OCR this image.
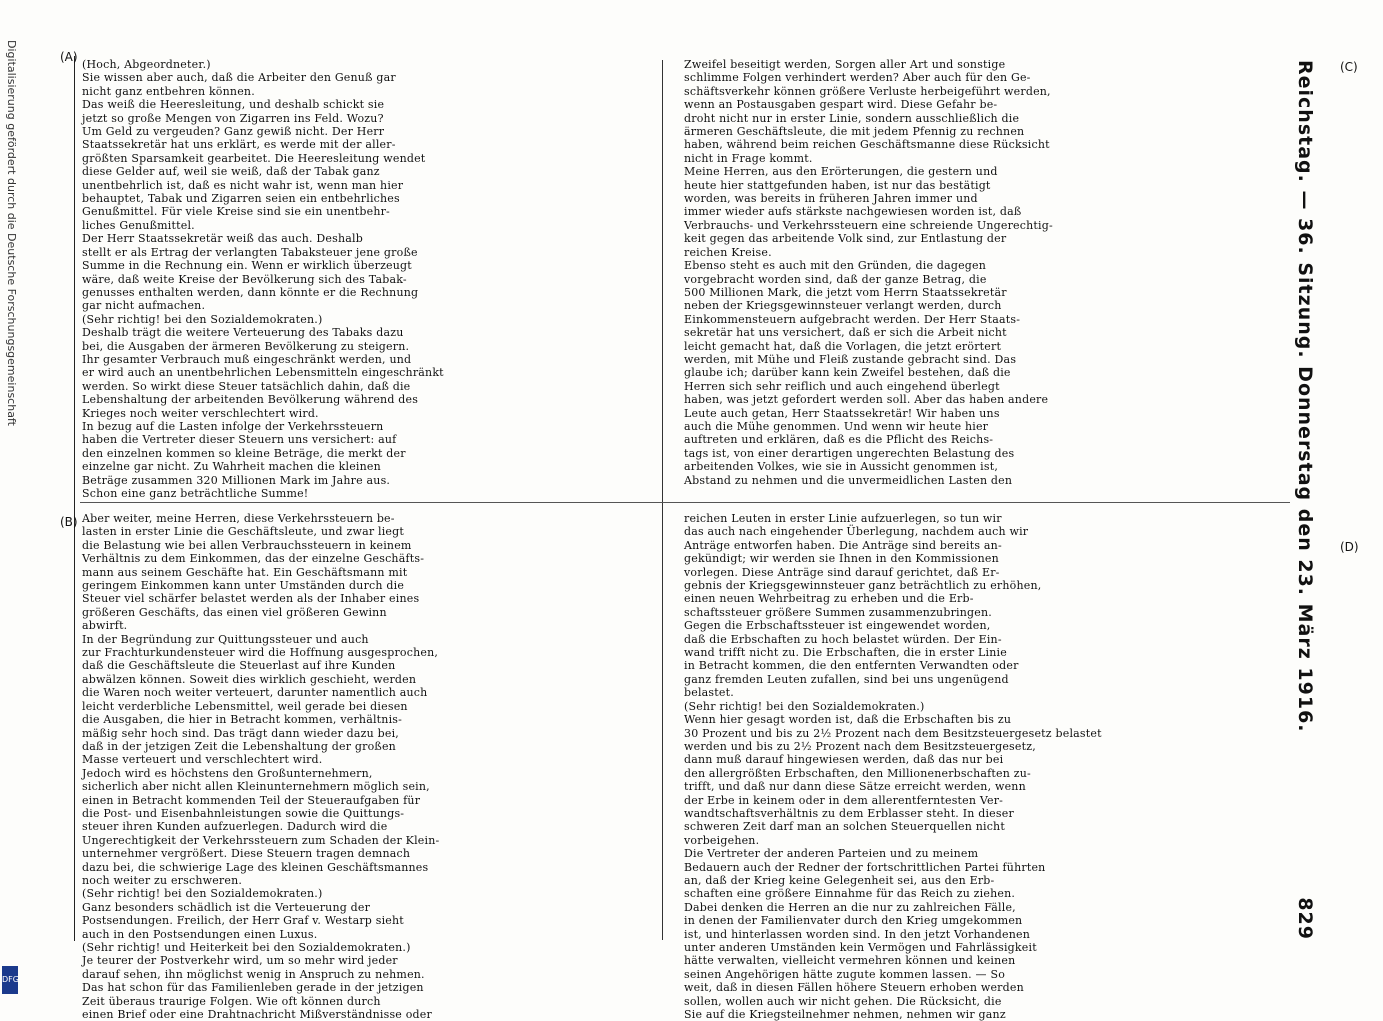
(Hoch, Abgeordneter.)
Sie wissen aber auch, daß die Arbeiter den Genuß gar
nicht ganz entbehren können.
Das weiß die Heeresleitung, und deshalb schickt sie
jetzt so große Mengen von Zigarren ins Feld. Wozu?
Um Geld zu vergeuden? Ganz gewiß nicht. Der Herr
Staatssekretär hat uns erklärt, es werde mit der aller-
größten Sparsamkeit gearbeitet. Die Heeresleitung wendet
diese Gelder auf, weil sie weiß, daß der Tabak ganz
unentbehrlich ist, daß es nicht wahr ist, wenn man hier
behauptet, Tabak und Zigarren seien ein entbehrliches
Genußmittel. Für viele Kreise sind sie ein unentbehr-
liches Genußmittel.
Der Herr Staatssekretär weiß das auch. Deshalb
stellt er als Ertrag der verlangten Tabaksteuer jene große
Summe in die Rechnung ein. Wenn er wirklich überzeugt
wäre, daß weite Kreise der Bevölkerung sich des Tabak-
genusses enthalten werden, dann könnte er die Rechnung
gar nicht aufmachen.
(Sehr richtig! bei den Sozialdemokraten.)
Deshalb trägt die weitere Verteuerung des Tabaks dazu
bei, die Ausgaben der ärmeren Bevölkerung zu steigern.
Ihr gesamter Verbrauch muß eingeschränkt werden, und
er wird auch an unentbehrlichen Lebensmitteln eingeschränkt
werden. So wirkt diese Steuer tatsächlich dahin, daß die
Lebenshaltung der arbeitenden Bevölkerung während des
Krieges noch weiter verschlechtert wird.
In bezug auf die Lasten infolge der Verkehrssteuern
haben die Vertreter dieser Steuern uns versichert: auf
den einzelnen kommen so kleine Beträge, die merkt der
einzelne gar nicht. Zu Wahrheit machen die kleinen
Beträge zusammen 320 Millionen Mark im Jahre aus.
Schon eine ganz beträchtliche Summe!
Aber weiter, meine Herren, diese Verkehrssteuern be-
lasten in erster Linie die Geschäftsleute, und zwar liegt
die Belastung wie bei allen Verbrauchssteuern in keinem
Verhältnis zu dem Einkommen, das der einzelne Geschäfts-
mann aus seinem Geschäfte hat. Ein Geschäftsmann mit
geringem Einkommen kann unter Umständen durch die
Steuer viel schärfer belastet werden als der Inhaber eines
größeren Geschäfts, das einen viel größeren Gewinn
abwirft.
In der Begründung zur Quittungssteuer und auch
zur Frachturkundensteuer wird die Hoffnung ausgesprochen,
daß die Geschäftsleute die Steuerlast auf ihre Kunden
abwälzen können. Soweit dies wirklich geschieht, werden
die Waren noch weiter verteuert, darunter namentlich auch
leicht verderbliche Lebensmittel, weil gerade bei diesen
die Ausgaben, die hier in Betracht kommen, verhältnis-
mäßig sehr hoch sind. Das trägt dann wieder dazu bei,
daß in der jetzigen Zeit die Lebenshaltung der großen
Masse verteuert und verschlechtert wird.
Jedoch wird es höchstens den Großunternehmern,
sicherlich aber nicht allen Kleinunternehmern möglich sein,
einen in Betracht kommenden Teil der Steueraufgaben für
die Post- und Eisenbahnleistungen sowie die Quittungs-
steuer ihren Kunden aufzuerlegen. Dadurch wird die
Ungerechtigkeit der Verkehrssteuern zum Schaden der Klein-
unternehmer vergrößert. Diese Steuern tragen demnach
dazu bei, die schwierige Lage des kleinen Geschäftsmannes
noch weiter zu erschweren.
(Sehr richtig! bei den Sozialdemokraten.)
Ganz besonders schädlich ist die Verteuerung der
Postsendungen. Freilich, der Herr Graf v. Westarp sieht
auch in den Postsendungen einen Luxus.
(Sehr richtig! und Heiterkeit bei den Sozialdemokraten.)
Je teurer der Postverkehr wird, um so mehr wird jeder
darauf sehen, ihn möglichst wenig in Anspruch zu nehmen.
Das hat schon für das Familienleben gerade in der jetzigen
Zeit überaus traurige Folgen. Wie oft können durch
einen Brief oder eine Drahtnachricht Mißverständnisse oder
Zweifel beseitigt werden, Sorgen aller Art und sonstige
schlimme Folgen verhindert werden? Aber auch für den Ge-
schäftsverkehr können größere Verluste herbeigeführt werden,
wenn an Postausgaben gespart wird. Diese Gefahr be-
droht nicht nur in erster Linie, sondern ausschließlich die
ärmeren Geschäftsleute, die mit jedem Pfennig zu rechnen
haben, während beim reichen Geschäftsmanne diese Rücksicht
nicht in Frage kommt.
Meine Herren, aus den Erörterungen, die gestern und
heute hier stattgefunden haben, ist nur das bestätigt
worden, was bereits in früheren Jahren immer und
immer wieder aufs stärkste nachgewiesen worden ist, daß
Verbrauchs- und Verkehrssteuern eine schreiende Ungerechtig-
keit gegen das arbeitende Volk sind, zur Entlastung der
reichen Kreise.
Ebenso steht es auch mit den Gründen, die dagegen
vorgebracht worden sind, daß der ganze Betrag, die
500 Millionen Mark, die jetzt vom Herrn Staatssekretär
neben der Kriegsgewinnsteuer verlangt werden, durch
Einkommensteuern aufgebracht werden. Der Herr Staats-
sekretär hat uns versichert, daß er sich die Arbeit nicht
leicht gemacht hat, daß die Vorlagen, die jetzt erörtert
werden, mit Mühe und Fleiß zustande gebracht sind. Das
glaube ich; darüber kann kein Zweifel bestehen, daß die
Herren sich sehr reiflich und auch eingehend überlegt
haben, was jetzt gefordert werden soll. Aber das haben andere
Leute auch getan, Herr Staatssekretär! Wir haben uns
auch die Mühe genommen. Und wenn wir heute hier
auftreten und erklären, daß es die Pflicht des Reichs-
tags ist, von einer derartigen ungerechten Belastung des
arbeitenden Volkes, wie sie in Aussicht genommen ist,
Abstand zu nehmen und die unvermeidlichen Lasten den
reichen Leuten in erster Linie aufzuerlegen, so tun wir
das auch nach eingehender Überlegung, nachdem auch wir
Anträge entworfen haben. Die Anträge sind bereits an-
gekündigt; wir werden sie Ihnen in den Kommissionen
vorlegen. Diese Anträge sind darauf gerichtet, daß Er-
gebnis der Kriegsgewinnsteuer ganz beträchtlich zu erhöhen,
einen neuen Wehrbeitrag zu erheben und die Erb-
schaftssteuer größere Summen zusammenzubringen.
Gegen die Erbschaftssteuer ist eingewendet worden,
daß die Erbschaften zu hoch belastet würden. Der Ein-
wand trifft nicht zu. Die Erbschaften, die in erster Linie
in Betracht kommen, die den entfernten Verwandten oder
ganz fremden Leuten zufallen, sind bei uns ungenügend
belastet.
(Sehr richtig! bei den Sozialdemokraten.)
Wenn hier gesagt worden ist, daß die Erbschaften bis zu
30 Prozent und bis zu 2½ Prozent nach dem Besitzsteuergesetz belastet
werden und bis zu 2½ Prozent nach dem Besitzsteuergesetz,
dann muß darauf hingewiesen werden, daß das nur bei
den allergrößten Erbschaften, den Millionenerbschaften zu-
trifft, und daß nur dann diese Sätze erreicht werden, wenn
der Erbe in keinem oder in dem allerentferntesten Ver-
wandtschaftsverhältnis zu dem Erblasser steht. In dieser
schweren Zeit darf man an solchen Steuerquellen nicht
vorbeigehen.
Die Vertreter der anderen Parteien und zu meinem
Bedauern auch der Redner der fortschrittlichen Partei führten
an, daß der Krieg keine Gelegenheit sei, aus den Erb-
schaften eine größere Einnahme für das Reich zu ziehen.
Dabei denken die Herren an die nur zu zahlreichen Fälle,
in denen der Familienvater durch den Krieg umgekommen
ist, und hinterlassen worden sind. In den jetzt Vorhandenen
unter anderen Umständen kein Vermögen und Fahrlässigkeit
hätte verwalten, vielleicht vermehren können und keinen
seinen Angehörigen hätte zugute kommen lassen. — So
weit, daß in diesen Fällen höhere Steuern erhoben werden
sollen, wollen auch wir nicht gehen. Die Rücksicht, die
Sie auf die Kriegsteilnehmer nehmen, nehmen wir ganz
Reichstag. — 36. Sitzung. Donnerstag den 23. März 1916.
829
(A)
(B)
(C)
(D)
Digitalisierung gefördert durch die Deutsche Forschungsgemeinschaft
DFG
